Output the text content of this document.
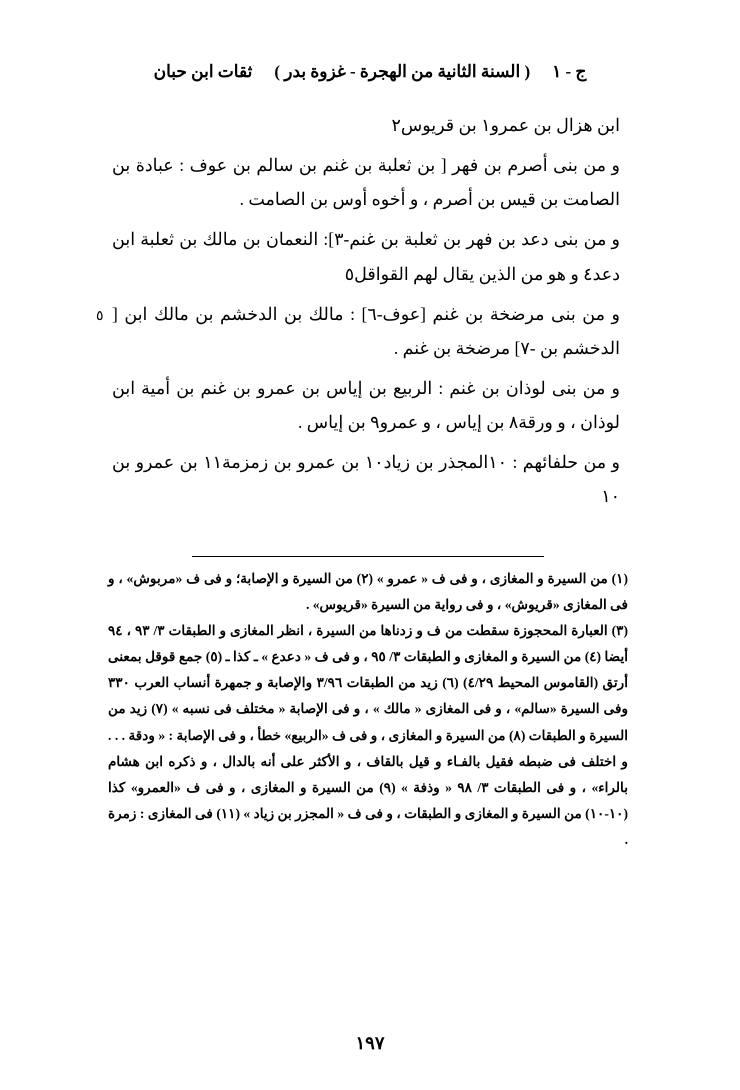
ج - ١
( السنة الثانية من الهجرة - غزوة بدر )
ثقات ابن حبان

ابن هزال بن عمرو١ بن قريوس٢

و من بنى أصرم بن فهر [ بن ثعلبة بن غنم بن سالم بن عوف : عبادة بن الصامت بن قيس بن أصرم ، و أخوه أوس بن الصامت .

و من بنى دعد بن فهر بن ثعلبة بن غنم-٣]: النعمان بن مالك بن ثعلبة ابن دعد٤ و هو من الذين يقال لهم القواقل٥

و من بنى مرضخة بن غنم [عوف-٦] : مالك بن الدخشم بن مالك ابن [ الدخشم بن -٧] مرضخة بن غنم .

و من بنى لوذان بن غنم : الربيع بن إياس بن عمرو بن غنم بن أمية ابن لوذان ، و ورقة٨ بن إياس ، و عمرو٩ بن إياس .

و من حلفائهم : ١٠المجذر بن زياد١٠ بن عمرو بن زمزمة١١ بن عمرو بن ١٠

٥
(١) من السيرة و المغازى ، و فى ف « عمرو » (٢) من السيرة و الإصابة؛ و فى ف «مربوش» ، و فى المغازى «قريوش» ، و فى رواية من السيرة «قريوس» .
(٣) العبارة المحجوزة سقطت من ف و زدناها من السيرة ، انظر المغازى و الطبقات ٣/ ٩٣ ، ٩٤ أيضا (٤) من السيرة و المغازى و الطبقات ٣/ ٩٥ ، و فى ف « دعدع » ـ كذا ـ (٥) جمع قوقل بمعنى أرتق (القاموس المحيط ٤/٢٩) (٦) زيد من الطبقات ٣/٩٦ والإصابة و جمهرة أنساب العرب ٣٣٠ وفى السيرة «سالم» ، و فى المغازى « مالك » ، و فى الإصابة « مختلف فى نسبه » (٧) زيد من السيرة و الطبقات (٨) من السيرة و المغازى ، و فى ف «الربيع» خطأ ، و فى الإصابة : « ودقة . . . و اختلف فى ضبطه فقيل بالفـاء و قيل بالقاف ، و الأكثر على أنه بالدال ، و ذكره ابن هشام بالراء» ، و فى الطبقات ٣/ ٩٨ « وذفة » (٩) من السيرة و المغازى ، و فى ف «العمرو» كذا (١٠-١٠) من السيرة و المغازى و الطبقات ، و فى ف « المجزر بن زياد » (١١) فى المغازى : زمرة .
١٩٧
